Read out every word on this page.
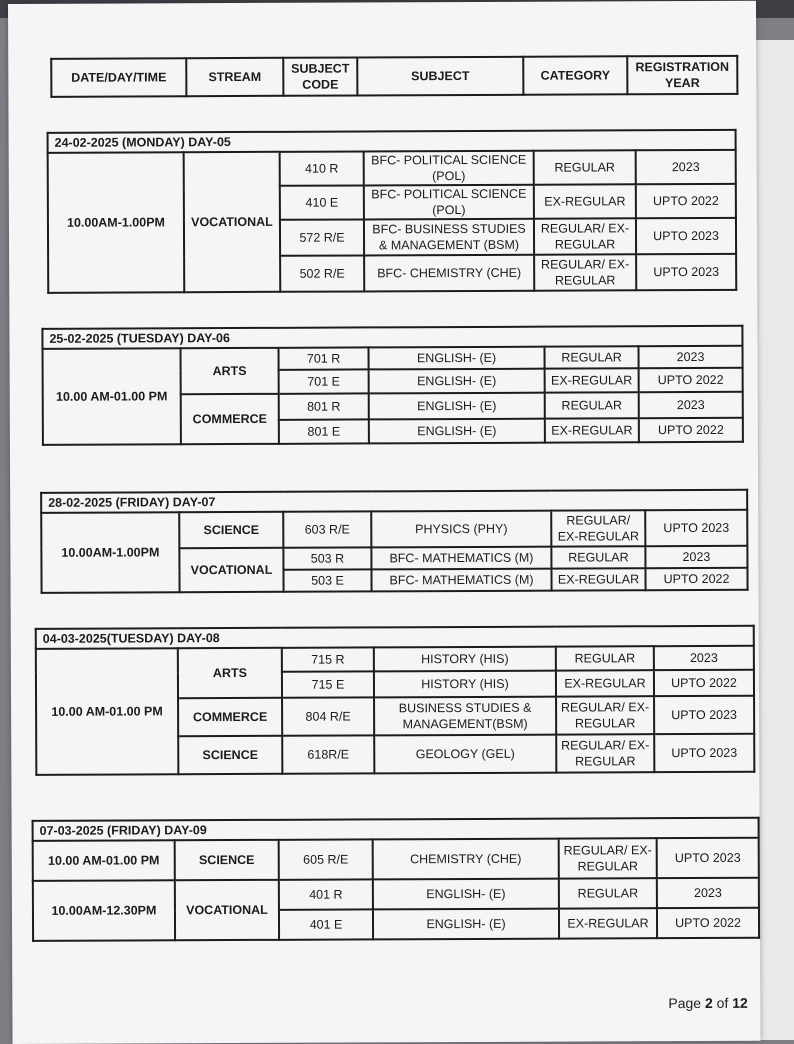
DATE/DAY/TIME	STREAM	SUBJECT CODE	SUBJECT	CATEGORY	REGISTRATION YEAR
24-02-2025 (MONDAY) DAY-05					
10.00AM-1.00PM	VOCATIONAL	410 R	BFC- POLITICAL SCIENCE (POL)	REGULAR	2023
		410 E	BFC- POLITICAL SCIENCE (POL)	EX-REGULAR	UPTO 2022
		572 R/E	BFC- BUSINESS STUDIES & MANAGEMENT (BSM)	REGULAR/ EX-REGULAR	UPTO 2023
		502 R/E	BFC- CHEMISTRY (CHE)	REGULAR/ EX-REGULAR	UPTO 2023
25-02-2025 (TUESDAY) DAY-06					
10.00 AM-01.00 PM	ARTS	701 R	ENGLISH- (E)	REGULAR	2023
		701 E	ENGLISH- (E)	EX-REGULAR	UPTO 2022
	COMMERCE	801 R	ENGLISH- (E)	REGULAR	2023
		801 E	ENGLISH- (E)	EX-REGULAR	UPTO 2022
28-02-2025 (FRIDAY) DAY-07					
10.00AM-1.00PM	SCIENCE	603 R/E	PHYSICS (PHY)	REGULAR/ EX-REGULAR	UPTO 2023
	VOCATIONAL	503 R	BFC- MATHEMATICS (M)	REGULAR	2023
		503 E	BFC- MATHEMATICS (M)	EX-REGULAR	UPTO 2022
04-03-2025(TUESDAY) DAY-08					
10.00 AM-01.00 PM	ARTS	715 R	HISTORY (HIS)	REGULAR	2023
		715 E	HISTORY (HIS)	EX-REGULAR	UPTO 2022
	COMMERCE	804 R/E	BUSINESS STUDIES & MANAGEMENT(BSM)	REGULAR/ EX-REGULAR	UPTO 2023
	SCIENCE	618R/E	GEOLOGY (GEL)	REGULAR/ EX-REGULAR	UPTO 2023
07-03-2025 (FRIDAY) DAY-09					
10.00 AM-01.00 PM	SCIENCE	605 R/E	CHEMISTRY (CHE)	REGULAR/ EX-REGULAR	UPTO 2023
10.00AM-12.30PM	VOCATIONAL	401 R	ENGLISH- (E)	REGULAR	2023
		401 E	ENGLISH- (E)	EX-REGULAR	UPTO 2022
Page 2 of 12
